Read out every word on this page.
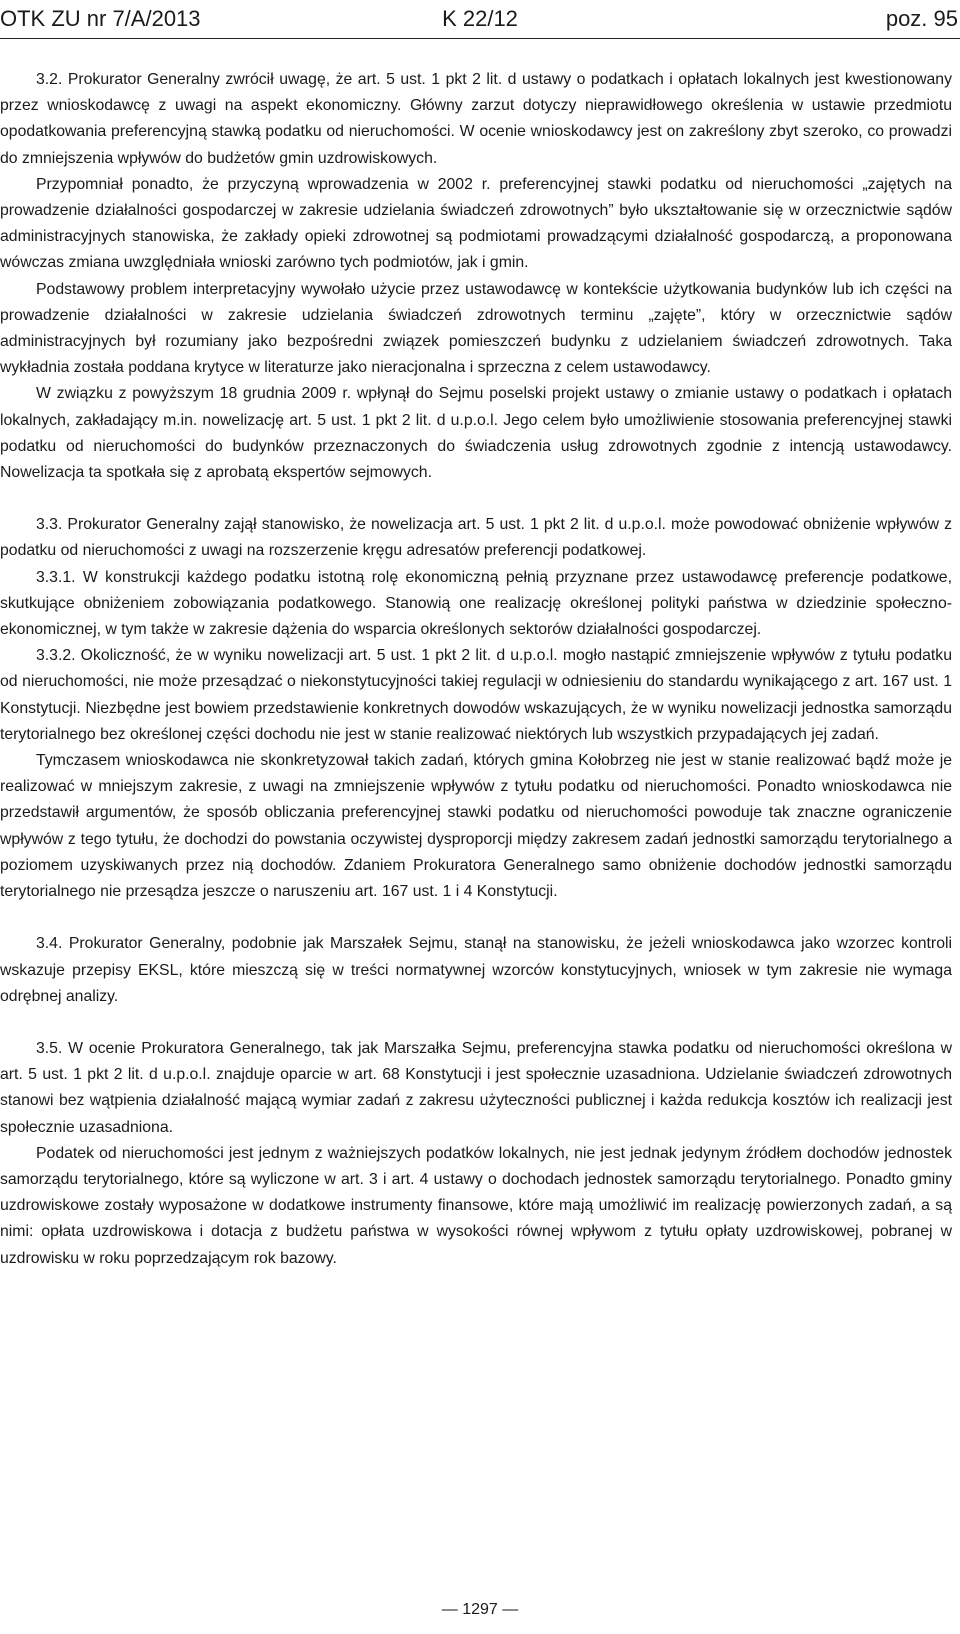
OTK ZU nr 7/A/2013	K 22/12	poz. 95

3.2. Prokurator Generalny zwrócił uwagę, że art. 5 ust. 1 pkt 2 lit. d ustawy o podatkach i opłatach lokalnych jest kwestionowany przez wnioskodawcę z uwagi na aspekt ekonomiczny. Główny zarzut dotyczy nieprawidłowego określenia w ustawie przedmiotu opodatkowania preferencyjną stawką podatku od nieruchomości. W ocenie wnioskodawcy jest on zakreślony zbyt szeroko, co prowadzi do zmniejszenia wpływów do budżetów gmin uzdrowiskowych.

Przypomniał ponadto, że przyczyną wprowadzenia w 2002 r. preferencyjnej stawki podatku od nieruchomości „zajętych na prowadzenie działalności gospodarczej w zakresie udzielania świadczeń zdrowotnych” było ukształtowanie się w orzecznictwie sądów administracyjnych stanowiska, że zakłady opieki zdrowotnej są podmiotami prowadzącymi działalność gospodarczą, a proponowana wówczas zmiana uwzględniała wnioski zarówno tych podmiotów, jak i gmin.

Podstawowy problem interpretacyjny wywołało użycie przez ustawodawcę w kontekście użytkowania budynków lub ich części na prowadzenie działalności w zakresie udzielania świadczeń zdrowotnych terminu „zajęte”, który w orzecznictwie sądów administracyjnych był rozumiany jako bezpośredni związek pomieszczeń budynku z udzielaniem świadczeń zdrowotnych. Taka wykładnia została poddana krytyce w literaturze jako nieracjonalna i sprzeczna z celem ustawodawcy.

W związku z powyższym 18 grudnia 2009 r. wpłynął do Sejmu poselski projekt ustawy o zmianie ustawy o podatkach i opłatach lokalnych, zakładający m.in. nowelizację art. 5 ust. 1 pkt 2 lit. d u.p.o.l. Jego celem było umożliwienie stosowania preferencyjnej stawki podatku od nieruchomości do budynków przeznaczonych do świadczenia usług zdrowotnych zgodnie z intencją ustawodawcy. Nowelizacja ta spotkała się z aprobatą ekspertów sejmowych.

3.3. Prokurator Generalny zajął stanowisko, że nowelizacja art. 5 ust. 1 pkt 2 lit. d u.p.o.l. może powodować obniżenie wpływów z podatku od nieruchomości z uwagi na rozszerzenie kręgu adresatów preferencji podatkowej.

3.3.1. W konstrukcji każdego podatku istotną rolę ekonomiczną pełnią przyznane przez ustawodawcę preferencje podatkowe, skutkujące obniżeniem zobowiązania podatkowego. Stanowią one realizację określonej polityki państwa w dziedzinie społeczno-ekonomicznej, w tym także w zakresie dążenia do wsparcia określonych sektorów działalności gospodarczej.

3.3.2. Okoliczność, że w wyniku nowelizacji art. 5 ust. 1 pkt 2 lit. d u.p.o.l. mogło nastąpić zmniejszenie wpływów z tytułu podatku od nieruchomości, nie może przesądzać o niekonstytucyjności takiej regulacji w odniesieniu do standardu wynikającego z art. 167 ust. 1 Konstytucji. Niezbędne jest bowiem przedstawienie konkretnych dowodów wskazujących, że w wyniku nowelizacji jednostka samorządu terytorialnego bez określonej części dochodu nie jest w stanie realizować niektórych lub wszystkich przypadających jej zadań.

Tymczasem wnioskodawca nie skonkretyzował takich zadań, których gmina Kołobrzeg nie jest w stanie realizować bądź może je realizować w mniejszym zakresie, z uwagi na zmniejszenie wpływów z tytułu podatku od nieruchomości. Ponadto wnioskodawca nie przedstawił argumentów, że sposób obliczania preferencyjnej stawki podatku od nieruchomości powoduje tak znaczne ograniczenie wpływów z tego tytułu, że dochodzi do powstania oczywistej dysproporcji między zakresem zadań jednostki samorządu terytorialnego a poziomem uzyskiwanych przez nią dochodów. Zdaniem Prokuratora Generalnego samo obniżenie dochodów jednostki samorządu terytorialnego nie przesądza jeszcze o naruszeniu art. 167 ust. 1 i 4 Konstytucji.

3.4. Prokurator Generalny, podobnie jak Marszałek Sejmu, stanął na stanowisku, że jeżeli wnioskodawca jako wzorzec kontroli wskazuje przepisy EKSL, które mieszczą się w treści normatywnej wzorców konstytucyjnych, wniosek w tym zakresie nie wymaga odrębnej analizy.

3.5. W ocenie Prokuratora Generalnego, tak jak Marszałka Sejmu, preferencyjna stawka podatku od nieruchomości określona w art. 5 ust. 1 pkt 2 lit. d u.p.o.l. znajduje oparcie w art. 68 Konstytucji i jest społecznie uzasadniona. Udzielanie świadczeń zdrowotnych stanowi bez wątpienia działalność mającą wymiar zadań z zakresu użyteczności publicznej i każda redukcja kosztów ich realizacji jest społecznie uzasadniona.

Podatek od nieruchomości jest jednym z ważniejszych podatków lokalnych, nie jest jednak jedynym źródłem dochodów jednostek samorządu terytorialnego, które są wyliczone w art. 3 i art. 4 ustawy o dochodach jednostek samorządu terytorialnego. Ponadto gminy uzdrowiskowe zostały wyposażone w dodatkowe instrumenty finansowe, które mają umożliwić im realizację powierzonych zadań, a są nimi: opłata uzdrowiskowa i dotacja z budżetu państwa w wysokości równej wpływom z tytułu opłaty uzdrowiskowej, pobranej w uzdrowisku w roku poprzedzającym rok bazowy.

— 1297 —
